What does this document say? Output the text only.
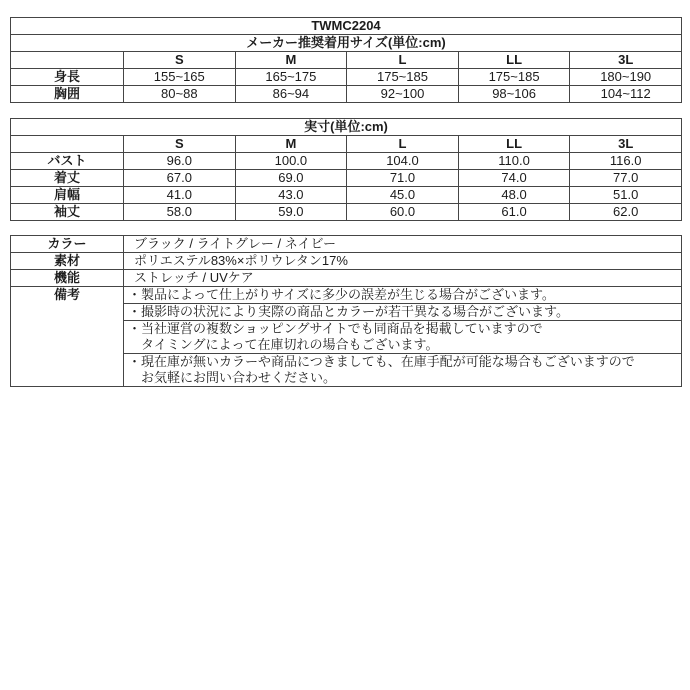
TWMC2204					
メーカー推奨着用サイズ(単位:cm)					
	S	M	L	LL	3L
身長	155~165	165~175	175~185	175~185	180~190
胸囲	80~88	86~94	92~100	98~106	104~112
実寸(単位:cm)					
	S	M	L	LL	3L
バスト	96.0	100.0	104.0	110.0	116.0
着丈	67.0	69.0	71.0	74.0	77.0
肩幅	41.0	43.0	45.0	48.0	51.0
袖丈	58.0	59.0	60.0	61.0	62.0
カラー	ブラック / ライトグレー / ネイビー
素材	ポリエステル83%×ポリウレタン17%
機能	ストレッチ / UVケア
備考	・製品によって仕上がりサイズに多少の誤差が生じる場合がございます。

	・撮影時の状況により実際の商品とカラーが若干異なる場合がございます。

	・当社運営の複数ショッピングサイトでも同商品を掲載していますので
タイミングによって在庫切れの場合もございます。

	・現在庫が無いカラーや商品につきましても、在庫手配が可能な場合もございますので
お気軽にお問い合わせください。
